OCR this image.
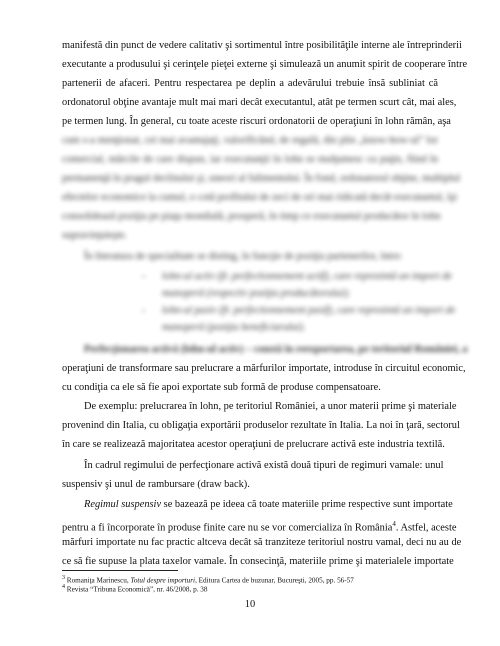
manifestă din punct de vedere calitativ şi sortimentul între posibilităţile interne ale întreprinderii
executante a produsului şi cerinţele pieţei externe şi simulează un anumit spirit de cooperare între
partenerii de afaceri. Pentru respectarea pe deplin a adevărului trebuie însă subliniat că
ordonatorul obţine avantaje mult mai mari decât executantul, atât pe termen scurt cât, mai ales,
pe termen lung. În general, cu toate aceste riscuri ordonatorii de operaţiuni în lohn rămân, aşa
cum s-a menţionat, cei mai avantajaţi, valorificând, de regulă, din plin „know-how-ul” lor
comercial, mărcile de care dispun, iar executanţii în lohn se mulţumesc cu puţin, fiind în
permanenţă în pragul declinului şi, uneori al falimentului. În fond, ordonatorul obţine, multiplul
efectelor economice la cumul, o cotă profitului de zeci de ori mai ridicată decât executantul, îşi
consolidează poziţia pe piaţa mondială, prosperă, în timp ce executantul producător în lohn
supravieţuieşte.
În literatura de specialitate se disting, în funcţie de poziţia partenerilor, între:
- lohn-ul activ (fr. perfectionnement actif), care reprezintă un import de
manoperă (respectiv poziţia producătorului);
- lohn-ul pasiv (fr. perfectionnement pasif), care reprezintă un import de
manoperă (poziţia beneficiarului).
Perfecţionarea activă (lohn-ul activ) – constă în reexportarea, pe teritoriul României, a
operaţiuni de transformare sau prelucrare a mărfurilor importate, introduse în circuitul economic,
cu condiţia ca ele să fie apoi exportate sub formă de produse compensatoare.
De exemplu: prelucrarea în lohn, pe teritoriul României, a unor materii prime şi materiale
provenind din Italia, cu obligaţia exportării produselor rezultate în Italia. La noi în ţară, sectorul
în care se realizează majoritatea acestor operaţiuni de prelucrare activă este industria textilă.
În cadrul regimului de perfecţionare activă există două tipuri de regimuri vamale: unul
suspensiv şi unul de rambursare (draw back).
Regimul suspensiv se bazează pe ideea că toate materiile prime respective sunt importate
pentru a fi încorporate în produse finite care nu se vor comercializa în România$^4$. Astfel, aceste
mărfuri importate nu fac practic altceva decât să tranziteze teritoriul nostru vamal, deci nu au de
ce să fie supuse la plata taxelor vamale. În consecinţă, materiile prime şi materialele importate
$^3$ Romaniţa Marinescu, Totul despre importuri, Editura Cartea de buzunar, Bucureşti, 2005, pp. 56-57
$^4$ Revista “Tribuna Economică”, nr. 46/2008, p. 38
10
